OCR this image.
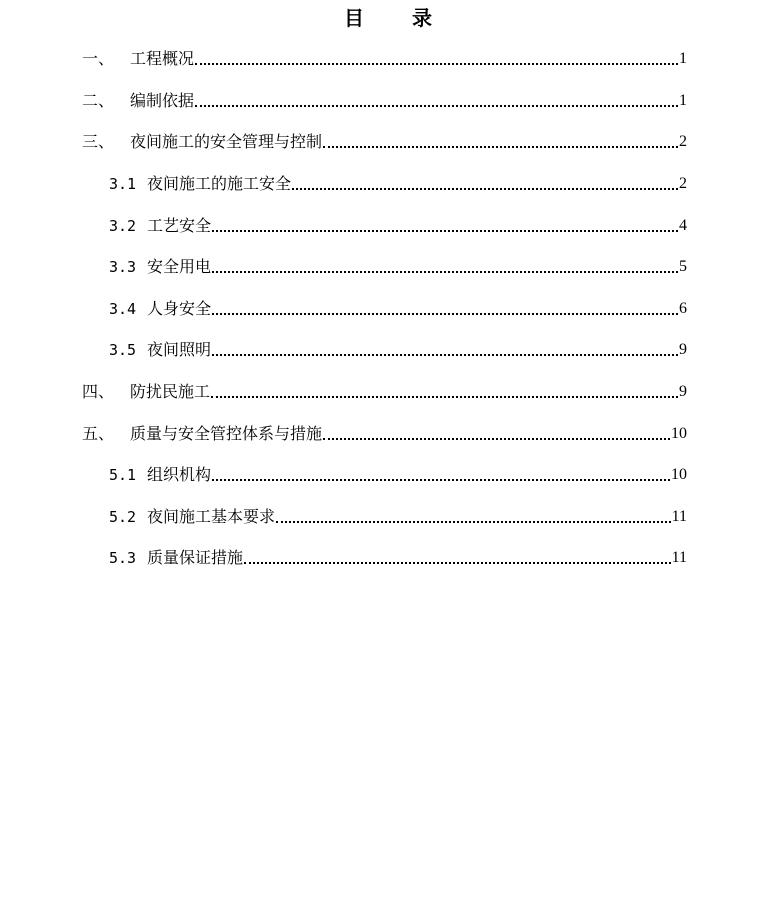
目　录
一、 工程概况	1
二、 编制依据	1
三、 夜间施工的安全管理与控制	2
3.1 夜间施工的施工安全	2
3.2 工艺安全	4
3.3 安全用电	5
3.4 人身安全	6
3.5 夜间照明	9
四、 防扰民施工	9
五、 质量与安全管控体系与措施	10
5.1 组织机构	10
5.2 夜间施工基本要求	11
5.3 质量保证措施	11
